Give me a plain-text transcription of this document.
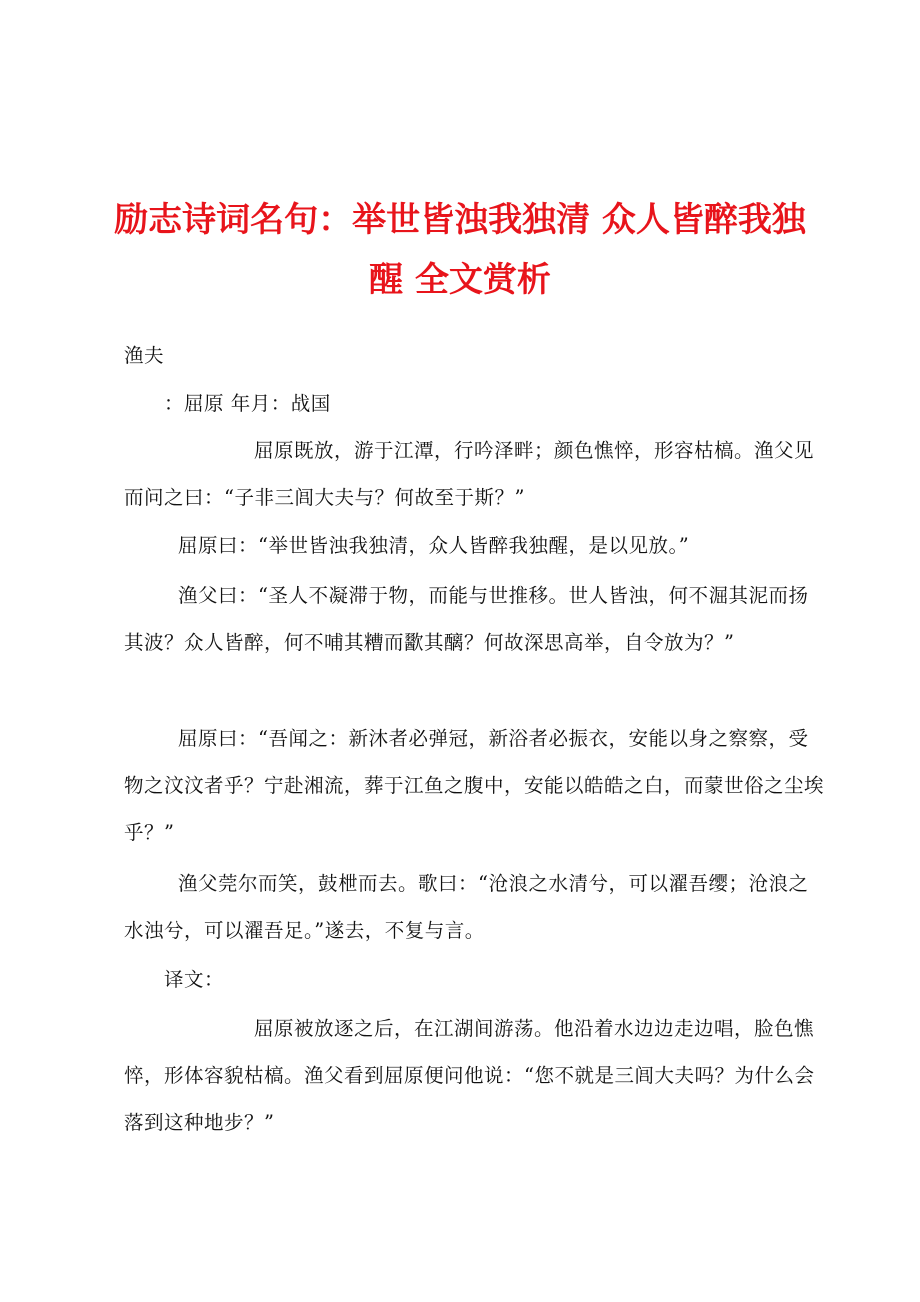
励志诗词名句：举世皆浊我独清 众人皆醉我独醒 全文赏析

渔夫

：屈原 年月：战国

屈原既放，游于江潭，行吟泽畔；颜色憔悴，形容枯槁。渔父见而问之曰：“子非三闾大夫与？何故至于斯？”

屈原曰：“举世皆浊我独清，众人皆醉我独醒，是以见放。”

渔父曰：“圣人不凝滞于物，而能与世推移。世人皆浊，何不淈其泥而扬其波？众人皆醉，何不哺其糟而歠其醨？何故深思高举，自令放为？”

屈原曰：“吾闻之：新沐者必弹冠，新浴者必振衣，安能以身之察察，受物之汶汶者乎？宁赴湘流，葬于江鱼之腹中，安能以皓皓之白，而蒙世俗之尘埃乎？”

渔父莞尔而笑，鼓枻而去。歌曰：“沧浪之水清兮，可以濯吾缨；沧浪之水浊兮，可以濯吾足。”遂去，不复与言。

译文：

屈原被放逐之后，在江湖间游荡。他沿着水边边走边唱，脸色憔悴，形体容貌枯槁。渔父看到屈原便问他说：“您不就是三闾大夫吗？为什么会落到这种地步？”
